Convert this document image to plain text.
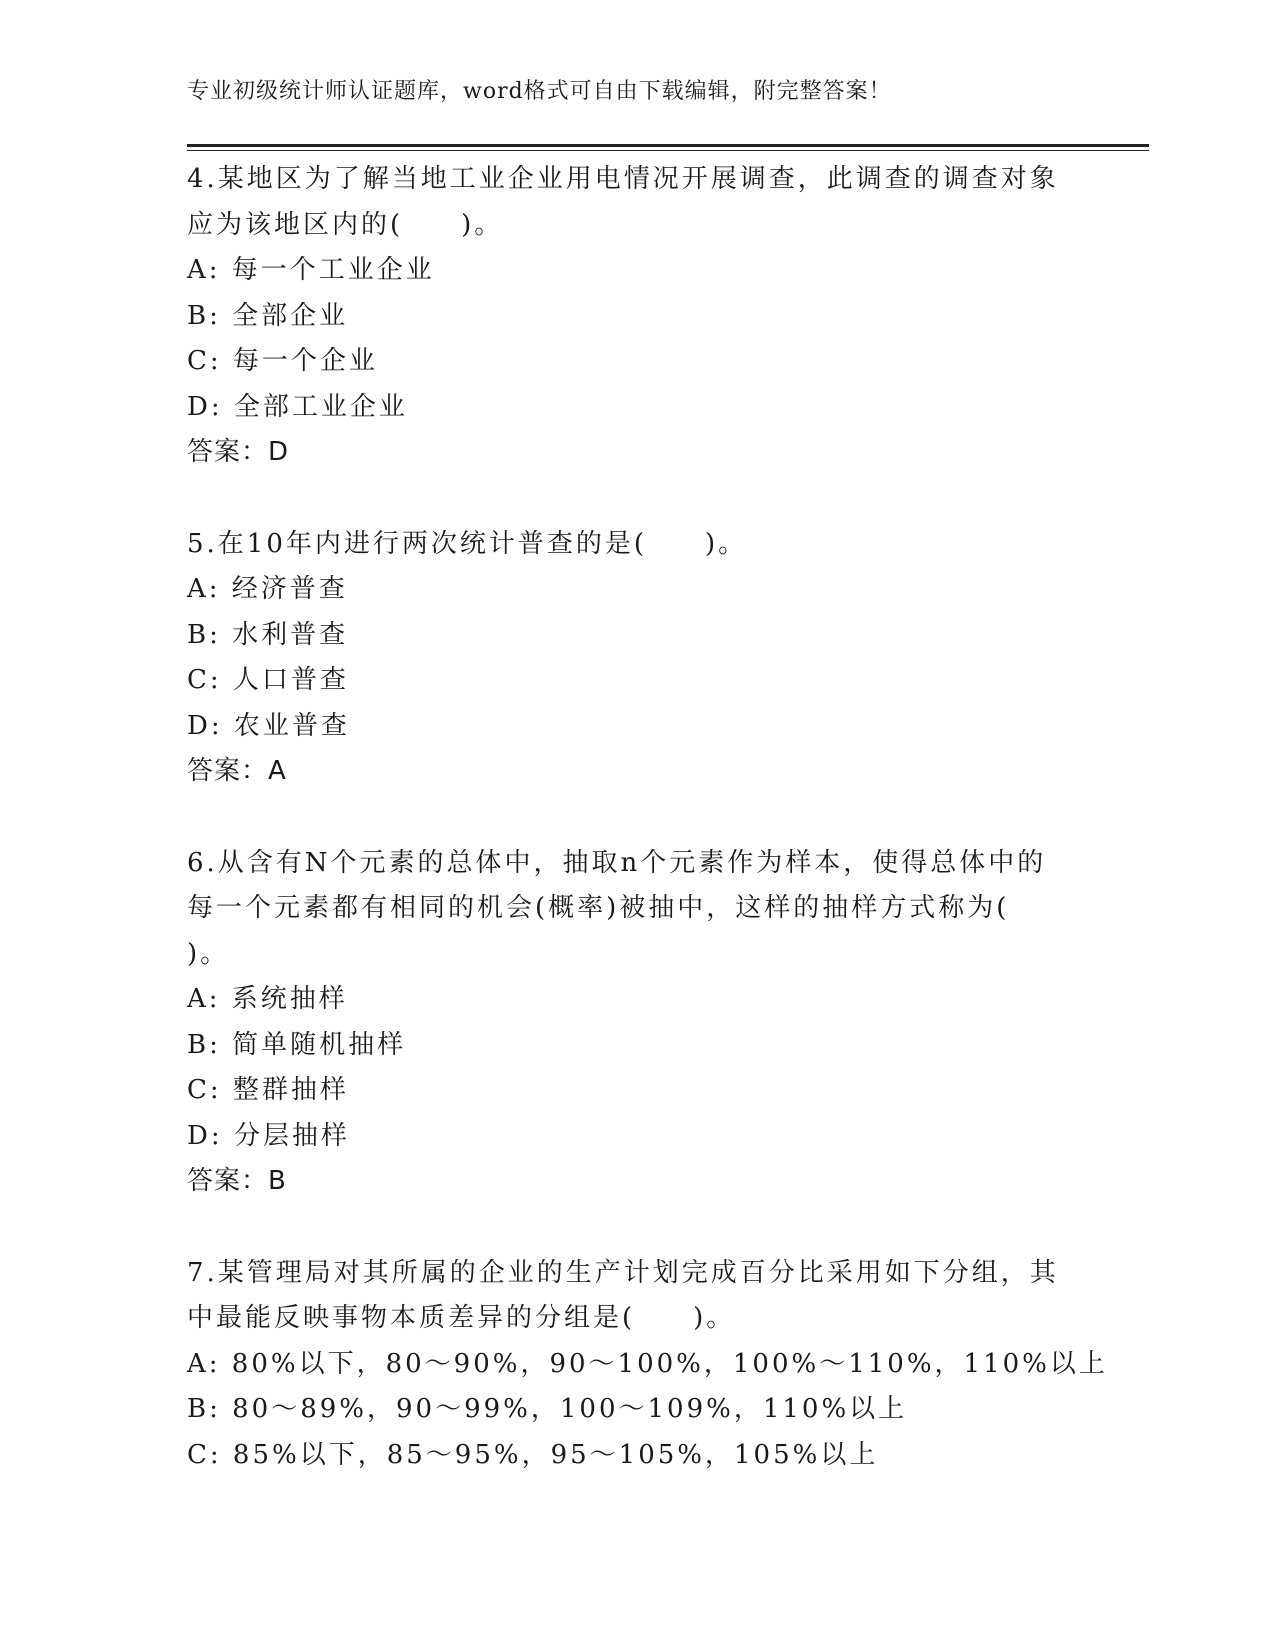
专业初级统计师认证题库，word格式可自由下载编辑，附完整答案！
4.某地区为了解当地工业企业用电情况开展调查，此调查的调查对象
应为该地区内的(　　)。
A: 每一个工业企业
B: 全部企业
C: 每一个企业
D: 全部工业企业
答案：D
5.在10年内进行两次统计普查的是(　　)。
A: 经济普查
B: 水利普查
C: 人口普查
D: 农业普查
答案：A
6.从含有N个元素的总体中，抽取n个元素作为样本，使得总体中的
每一个元素都有相同的机会(概率)被抽中，这样的抽样方式称为(
)。
A: 系统抽样
B: 简单随机抽样
C: 整群抽样
D: 分层抽样
答案：B
7.某管理局对其所属的企业的生产计划完成百分比采用如下分组，其
中最能反映事物本质差异的分组是(　　)。
A: 80%以下，80～90%，90～100%，100%～110%，110%以上
B: 80～89%，90～99%，100～109%，110%以上
C: 85%以下，85～95%，95～105%，105%以上
